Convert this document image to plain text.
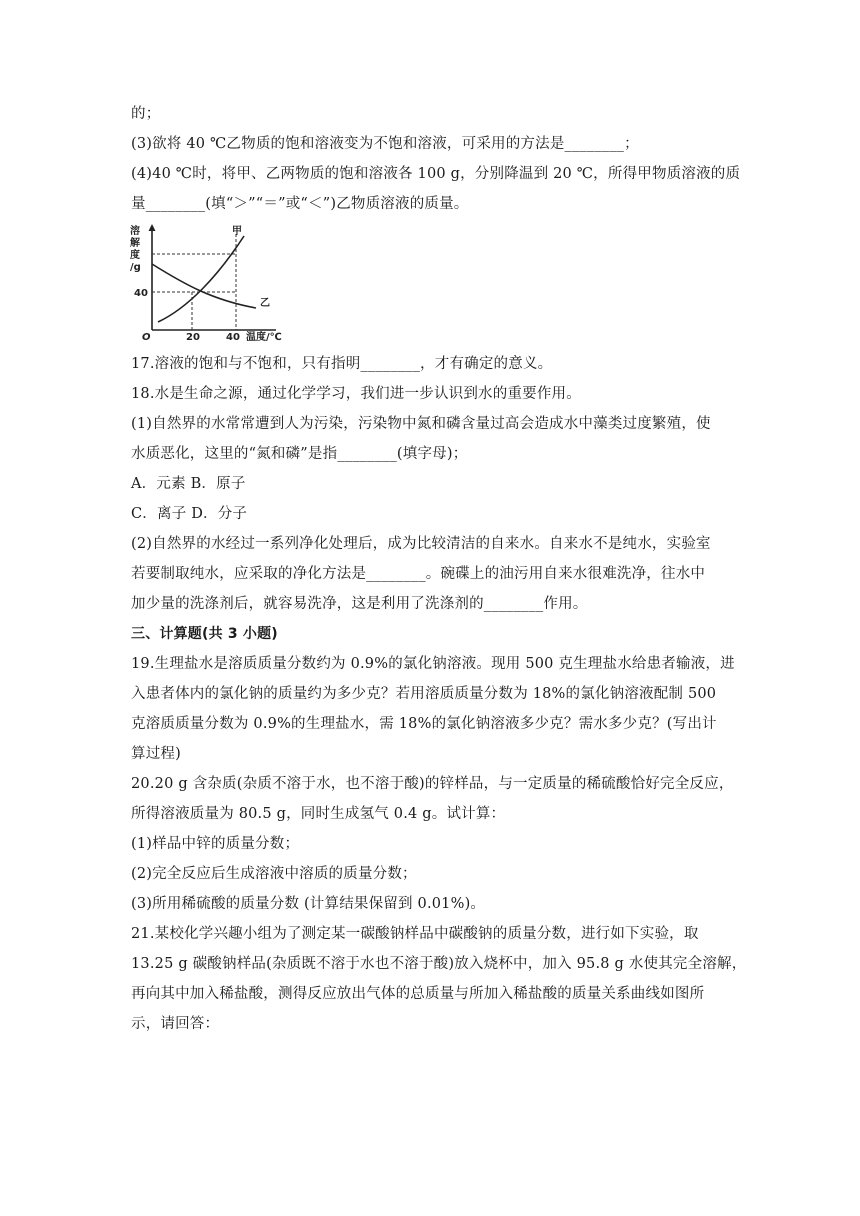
的；
(3)欲将 40 ℃乙物质的饱和溶液变为不饱和溶液，可采用的方法是________；
(4)40 ℃时，将甲、乙两物质的饱和溶液各 100 g，分别降温到 20 ℃，所得甲物质溶液的质
量________(填“＞”“＝”或“＜”)乙物质溶液的质量。
溶
解
度
/g
40
O	20	40 温度/℃
甲
乙
17.溶液的饱和与不饱和，只有指明________，才有确定的意义。
18.水是生命之源，通过化学学习，我们进一步认识到水的重要作用。
(1)自然界的水常常遭到人为污染，污染物中氮和磷含量过高会造成水中藻类过度繁殖，使
水质恶化，这里的“氮和磷”是指________(填字母)；
A．元素 B．原子
C．离子 D．分子
(2)自然界的水经过一系列净化处理后，成为比较清洁的自来水。自来水不是纯水，实验室
若要制取纯水，应采取的净化方法是________。碗碟上的油污用自来水很难洗净，往水中
加少量的洗涤剂后，就容易洗净，这是利用了洗涤剂的________作用。
三、计算题(共 3 小题)
19.生理盐水是溶质质量分数约为 0.9%的氯化钠溶液。现用 500 克生理盐水给患者输液，进
入患者体内的氯化钠的质量约为多少克？若用溶质质量分数为 18%的氯化钠溶液配制 500
克溶质质量分数为 0.9%的生理盐水，需 18%的氯化钠溶液多少克？需水多少克？(写出计
算过程)
20.20 g 含杂质(杂质不溶于水，也不溶于酸)的锌样品，与一定质量的稀硫酸恰好完全反应，
所得溶液质量为 80.5 g，同时生成氢气 0.4 g。试计算：
(1)样品中锌的质量分数；
(2)完全反应后生成溶液中溶质的质量分数；
(3)所用稀硫酸的质量分数 (计算结果保留到 0.01%)。
21.某校化学兴趣小组为了测定某一碳酸钠样品中碳酸钠的质量分数，进行如下实验，取
13.25 g 碳酸钠样品(杂质既不溶于水也不溶于酸)放入烧杯中，加入 95.8 g 水使其完全溶解，
再向其中加入稀盐酸，测得反应放出气体的总质量与所加入稀盐酸的质量关系曲线如图所
示，请回答：
